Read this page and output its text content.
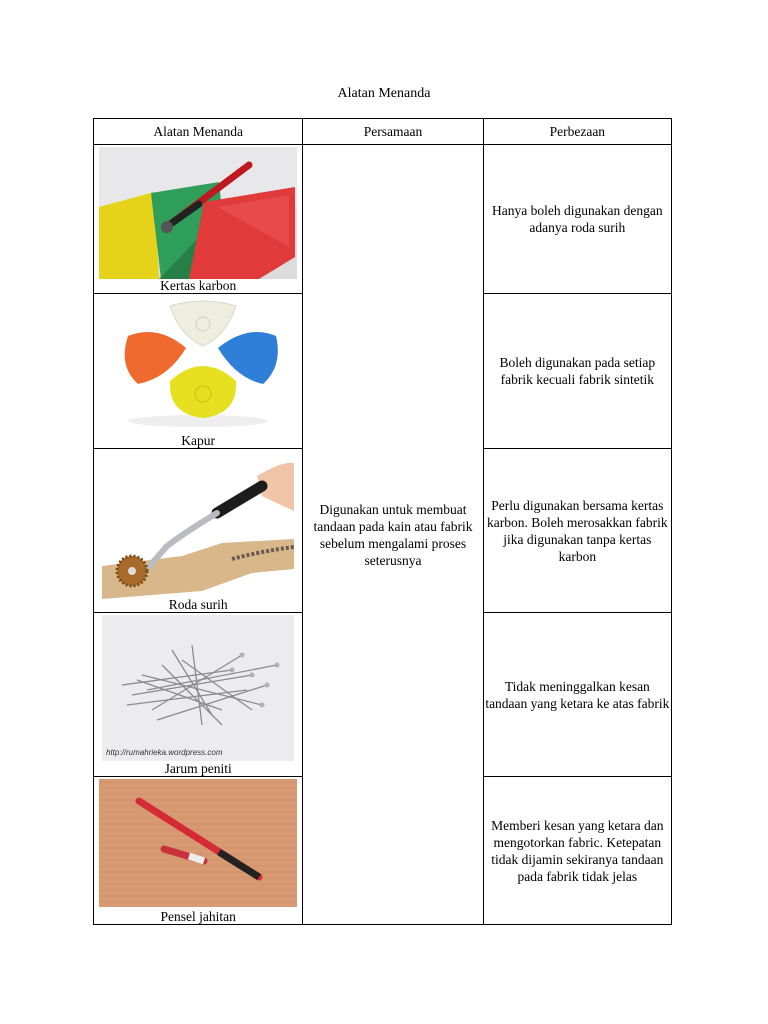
Alatan Menanda
Alatan Menanda	Persamaan	Perbezaan

Kertas karbon	Digunakan untuk membuat tandaan pada kain atau fabrik sebelum mengalami proses seterusnya	Hanya boleh digunakan dengan adanya roda surih

Kapur		Boleh digunakan pada setiap fabrik kecuali fabrik sintetik

Roda surih		Perlu digunakan bersama kertas karbon. Boleh merosakkan fabrik jika digunakan tanpa kertas karbon

http://rumahrieka.wordpress.com
Jarum peniti		Tidak meninggalkan kesan tandaan yang ketara ke atas fabrik

Pensel jahitan		Memberi kesan yang ketara dan mengotorkan fabric. Ketepatan tidak dijamin sekiranya tandaan pada fabrik tidak jelas
